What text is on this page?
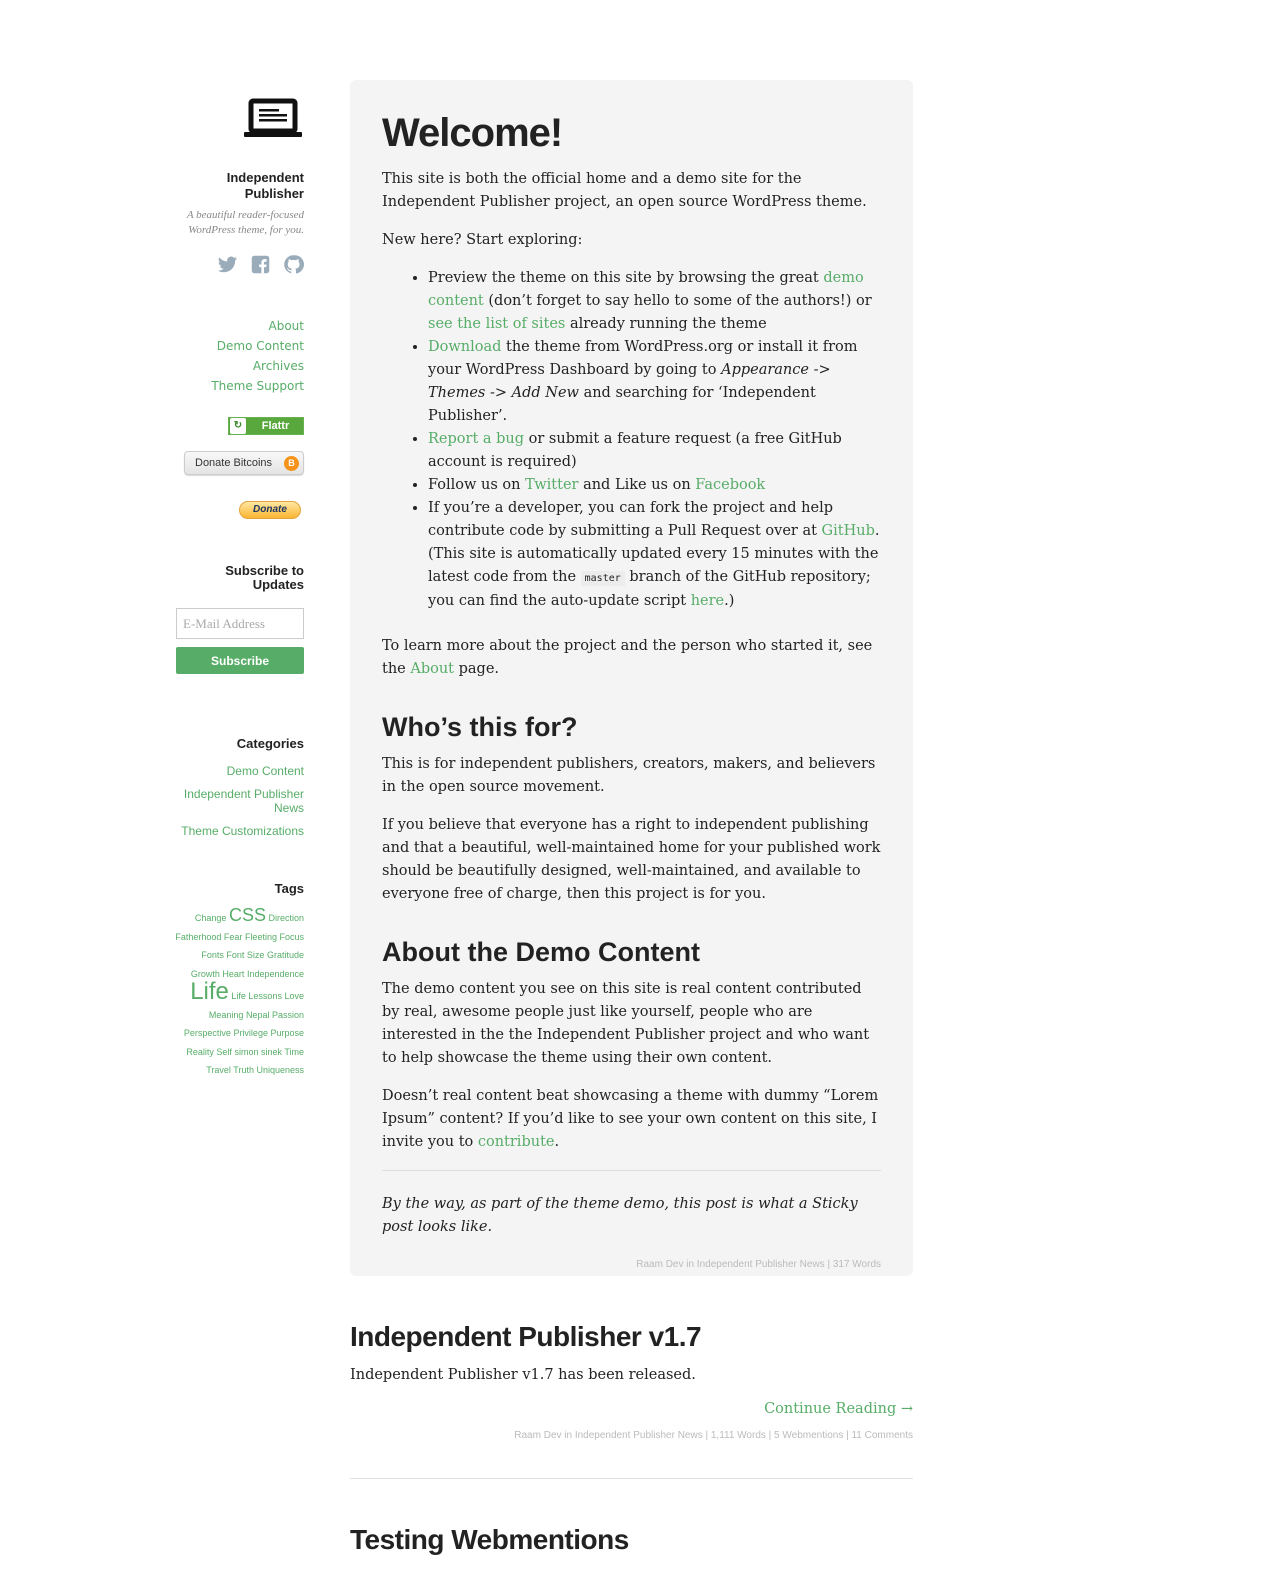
Independent Publisher
A beautiful reader-focused WordPress theme, for you.
About
Demo Content
Archives
Theme Support
↻	Flattr
Donate Bitcoins	B
Donate
Subscribe to Updates
E-Mail Address
Subscribe
Categories
Demo Content
Independent Publisher News
Theme Customizations
Tags
Change CSS Direction Fatherhood Fear Fleeting Focus Fonts Font Size Gratitude Growth Heart Independence Life Life Lessons Love Meaning Nepal Passion Perspective Privilege Purpose Reality Self simon sinek Time Travel Truth Uniqueness
Welcome!

This site is both the official home and a demo site for the Independent Publisher project, an open source WordPress theme.

New here? Start exploring:

• Preview the theme on this site by browsing the great demo content (don’t forget to say hello to some of the authors!) or see the list of sites already running the theme
• Download the theme from WordPress.org or install it from your WordPress Dashboard by going to Appearance -> Themes -> Add New and searching for ‘Independent Publisher’.
• Report a bug or submit a feature request (a free GitHub account is required)
• Follow us on Twitter and Like us on Facebook
• If you’re a developer, you can fork the project and help contribute code by submitting a Pull Request over at GitHub. (This site is automatically updated every 15 minutes with the latest code from the master branch of the GitHub repository; you can find the auto-update script here.)

To learn more about the project and the person who started it, see the About page.

Who’s this for?

This is for independent publishers, creators, makers, and believers in the open source movement.

If you believe that everyone has a right to independent publishing and that a beautiful, well-maintained home for your published work should be beautifully designed, well-maintained, and available to everyone free of charge, then this project is for you.

About the Demo Content

The demo content you see on this site is real content contributed by real, awesome people just like yourself, people who are interested in the the Independent Publisher project and who want to help showcase the theme using their own content.

Doesn’t real content beat showcasing a theme with dummy “Lorem Ipsum” content? If you’d like to see your own content on this site, I invite you to contribute.

By the way, as part of the theme demo, this post is what a Sticky post looks like.

Raam Dev in Independent Publisher News | 317 Words
Independent Publisher v1.7
Independent Publisher v1.7 has been released.
Continue Reading →
Raam Dev in Independent Publisher News | 1,111 Words | 5 Webmentions | 11 Comments
Testing Webmentions
